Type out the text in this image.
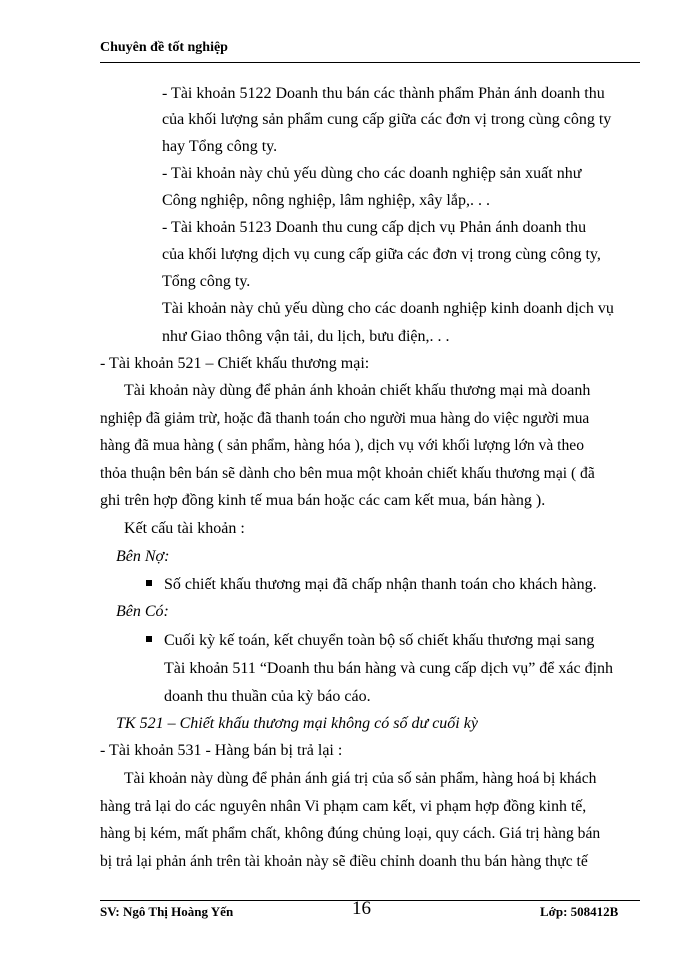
Chuyên đề tốt nghiệp
- Tài khoản 5122 Doanh thu bán các thành phẩm Phản ánh doanh thu
của khối lượng sản phẩm cung cấp giữa các đơn vị trong cùng công ty
hay Tổng công ty.
- Tài khoản này chủ yếu dùng cho các doanh nghiệp sản xuất như
Công nghiệp, nông nghiệp, lâm nghiệp, xây lắp,. . .
- Tài khoản 5123 Doanh thu cung cấp dịch vụ Phản ánh doanh thu
của khối lượng dịch vụ cung cấp giữa các đơn vị trong cùng công ty,
Tổng công ty.
Tài khoản này chủ yếu dùng cho các doanh nghiệp kinh doanh dịch vụ
như Giao thông vận tải, du lịch, bưu điện,. . .
- Tài khoản 521 – Chiết khấu thương mại:
Tài khoản này dùng để phản ánh khoản chiết khấu thương mại mà doanh
nghiệp đã giảm trừ, hoặc đã thanh toán cho người mua hàng do việc người mua
hàng đã mua hàng ( sản phẩm, hàng hóa ), dịch vụ với khối lượng lớn và theo
thỏa thuận bên bán sẽ dành cho bên mua một khoản chiết khấu thương mại ( đã
ghi trên hợp đồng kinh tế mua bán hoặc các cam kết mua, bán hàng ).
Kết cấu tài khoản :
Bên Nợ:
Số chiết khấu thương mại đã chấp nhận thanh toán cho khách hàng.
Bên Có:
Cuối kỳ kế toán, kết chuyển toàn bộ số chiết khấu thương mại sang
Tài khoản 511 “Doanh thu bán hàng và cung cấp dịch vụ” để xác định
doanh thu thuần của kỳ báo cáo.
TK 521 – Chiết khấu thương mại không có số dư cuối kỳ
- Tài khoản 531 - Hàng bán bị trả lại :
Tài khoản này dùng để phản ánh giá trị của số sản phẩm, hàng hoá bị khách
hàng trả lại do các nguyên nhân Vi phạm cam kết, vi phạm hợp đồng kinh tế,
hàng bị kém, mất phẩm chất, không đúng chủng loại, quy cách. Giá trị hàng bán
bị trả lại phản ánh trên tài khoản này sẽ điều chỉnh doanh thu bán hàng thực tế
SV: Ngô Thị Hoàng Yến	16	Lớp: 508412B
